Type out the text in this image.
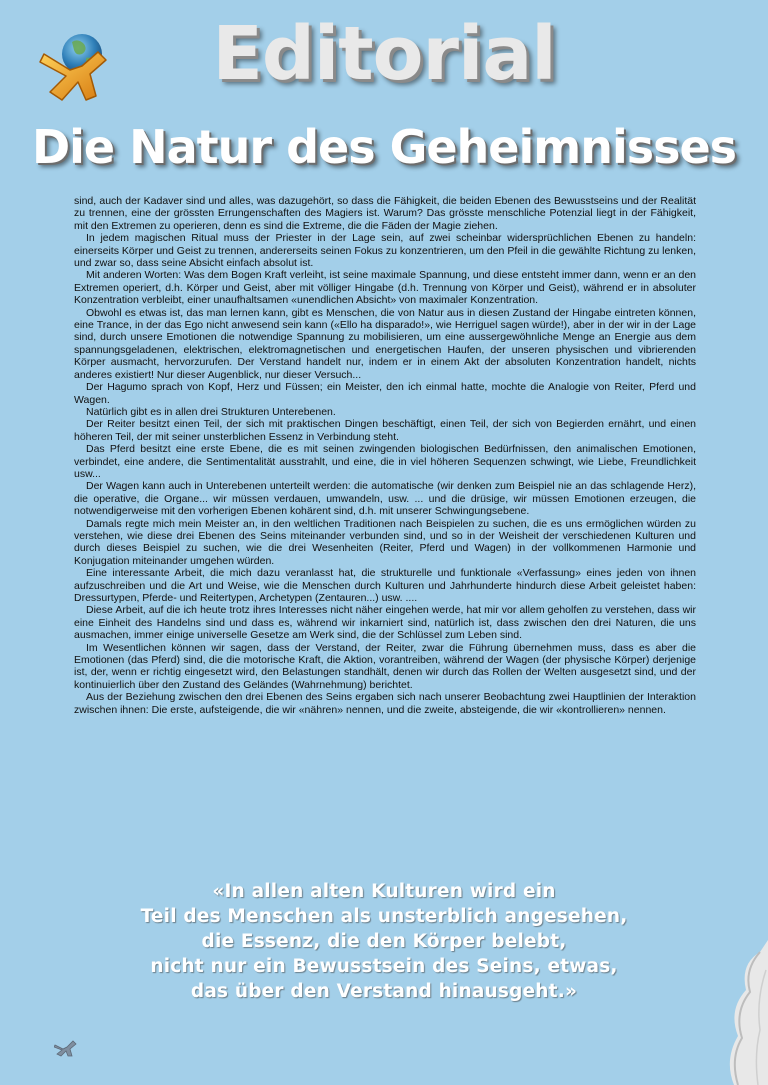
Editorial
Die Natur des Geheimnisses

sind, auch der Kadaver sind und alles, was dazugehört, so dass die Fähigkeit, die beiden Ebenen des Bewusstseins und der Realität zu trennen, eine der grössten Errungenschaften des Magiers ist. Warum? Das grösste menschliche Potenzial liegt in der Fähigkeit, mit den Extremen zu operieren, denn es sind die Extreme, die die Fäden der Magie ziehen.

In jedem magischen Ritual muss der Priester in der Lage sein, auf zwei scheinbar widersprüchlichen Ebenen zu handeln: einerseits Körper und Geist zu trennen, andererseits seinen Fokus zu konzentrieren, um den Pfeil in die gewählte Richtung zu lenken, und zwar so, dass seine Absicht einfach absolut ist.

Mit anderen Worten: Was dem Bogen Kraft verleiht, ist seine maximale Spannung, und diese entsteht immer dann, wenn er an den Extremen operiert, d.h. Körper und Geist, aber mit völliger Hingabe (d.h. Trennung von Körper und Geist), während er in absoluter Konzentration verbleibt, einer unaufhaltsamen «unendlichen Absicht» von maximaler Konzentration.

Obwohl es etwas ist, das man lernen kann, gibt es Menschen, die von Natur aus in diesen Zustand der Hingabe eintreten können, eine Trance, in der das Ego nicht anwesend sein kann («Ello ha disparado!», wie Herriguel sagen würde!), aber in der wir in der Lage sind, durch unsere Emotionen die notwendige Spannung zu mobilisieren, um eine aussergewöhnliche Menge an Energie aus dem spannungsgeladenen, elektrischen, elektromagnetischen und energetischen Haufen, der unseren physischen und vibrierenden Körper ausmacht, hervorzurufen. Der Verstand handelt nur, indem er in einem Akt der absoluten Konzentration handelt, nichts anderes existiert! Nur dieser Augenblick, nur dieser Versuch...

Der Hagumo sprach von Kopf, Herz und Füssen; ein Meister, den ich einmal hatte, mochte die Analogie von Reiter, Pferd und Wagen.

Natürlich gibt es in allen drei Strukturen Unterebenen.

Der Reiter besitzt einen Teil, der sich mit praktischen Dingen beschäftigt, einen Teil, der sich von Begierden ernährt, und einen höheren Teil, der mit seiner unsterblichen Essenz in Verbindung steht.

Das Pferd besitzt eine erste Ebene, die es mit seinen zwingenden biologischen Bedürfnissen, den animalischen Emotionen, verbindet, eine andere, die Sentimentalität ausstrahlt, und eine, die in viel höheren Sequenzen schwingt, wie Liebe, Freundlichkeit usw...

Der Wagen kann auch in Unterebenen unterteilt werden: die automatische (wir denken zum Beispiel nie an das schlagende Herz), die operative, die Organe... wir müssen verdauen, umwandeln, usw. ... und die drüsige, wir müssen Emotionen erzeugen, die notwendigerweise mit den vorherigen Ebenen kohärent sind, d.h. mit unserer Schwingungsebene.

Damals regte mich mein Meister an, in den weltlichen Traditionen nach Beispielen zu suchen, die es uns ermöglichen würden zu verstehen, wie diese drei Ebenen des Seins miteinander verbunden sind, und so in der Weisheit der verschiedenen Kulturen und durch dieses Beispiel zu suchen, wie die drei Wesenheiten (Reiter, Pferd und Wagen) in der vollkommenen Harmonie und Konjugation miteinander umgehen würden.

Eine interessante Arbeit, die mich dazu veranlasst hat, die strukturelle und funktionale «Verfassung» eines jeden von ihnen aufzuschreiben und die Art und Weise, wie die Menschen durch Kulturen und Jahrhunderte hindurch diese Arbeit geleistet haben: Dressurtypen, Pferde- und Reitertypen, Archetypen (Zentauren...) usw. ....

Diese Arbeit, auf die ich heute trotz ihres Interesses nicht näher eingehen werde, hat mir vor allem geholfen zu verstehen, dass wir eine Einheit des Handelns sind und dass es, während wir inkarniert sind, natürlich ist, dass zwischen den drei Naturen, die uns ausmachen, immer einige universelle Gesetze am Werk sind, die der Schlüssel zum Leben sind.

Im Wesentlichen können wir sagen, dass der Verstand, der Reiter, zwar die Führung übernehmen muss, dass es aber die Emotionen (das Pferd) sind, die die motorische Kraft, die Aktion, vorantreiben, während der Wagen (der physische Körper) derjenige ist, der, wenn er richtig eingesetzt wird, den Belastungen standhält, denen wir durch das Rollen der Welten ausgesetzt sind, und der kontinuierlich über den Zustand des Geländes (Wahrnehmung) berichtet.

Aus der Beziehung zwischen den drei Ebenen des Seins ergaben sich nach unserer Beobachtung zwei Hauptlinien der Interaktion zwischen ihnen: Die erste, aufsteigende, die wir «nähren» nennen, und die zweite, absteigende, die wir «kontrollieren» nennen.

«In allen alten Kulturen wird ein
Teil des Menschen als unsterblich angesehen,
die Essenz, die den Körper belebt,
nicht nur ein Bewusstsein des Seins, etwas,
das über den Verstand hinausgeht.»
